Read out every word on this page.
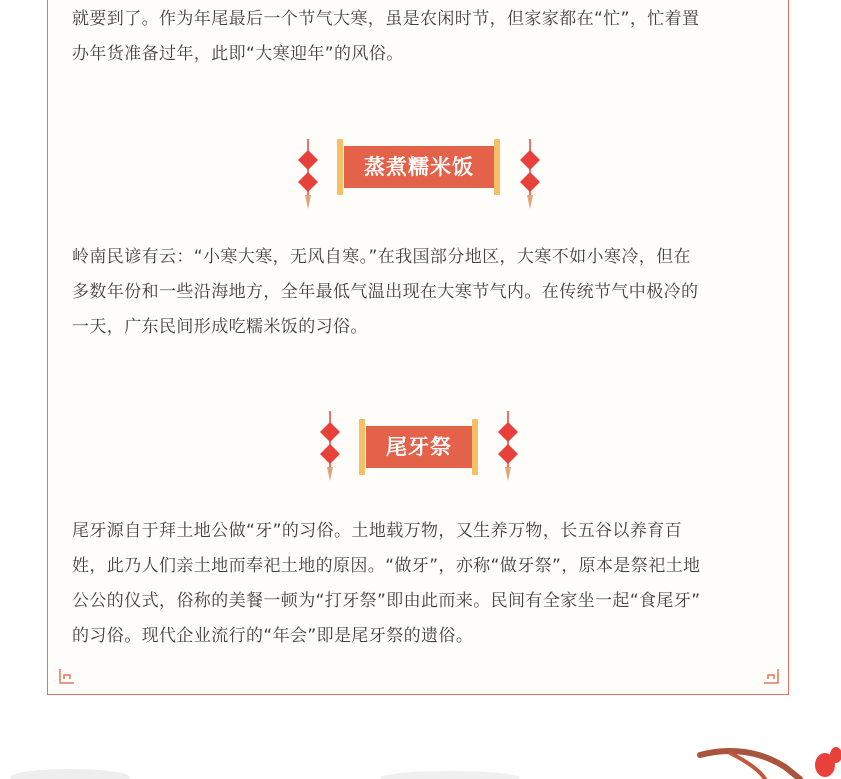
就要到了。作为年尾最后一个节气大寒，虽是农闲时节，但家家都在“忙”，忙着置

办年货准备过年，此即“大寒迎年”的风俗。

蒸煮糯米饭

岭南民谚有云：“小寒大寒，无风自寒。”在我国部分地区，大寒不如小寒冷，但在

多数年份和一些沿海地方，全年最低气温出现在大寒节气内。在传统节气中极冷的

一天，广东民间形成吃糯米饭的习俗。

尾牙祭

尾牙源自于拜土地公做“牙”的习俗。土地载万物，又生养万物，长五谷以养育百

姓，此乃人们亲土地而奉祀土地的原因。“做牙”，亦称“做牙祭”，原本是祭祀土地

公公的仪式，俗称的美餐一顿为“打牙祭”即由此而来。民间有全家坐一起“食尾牙”

的习俗。现代企业流行的“年会”即是尾牙祭的遗俗。
